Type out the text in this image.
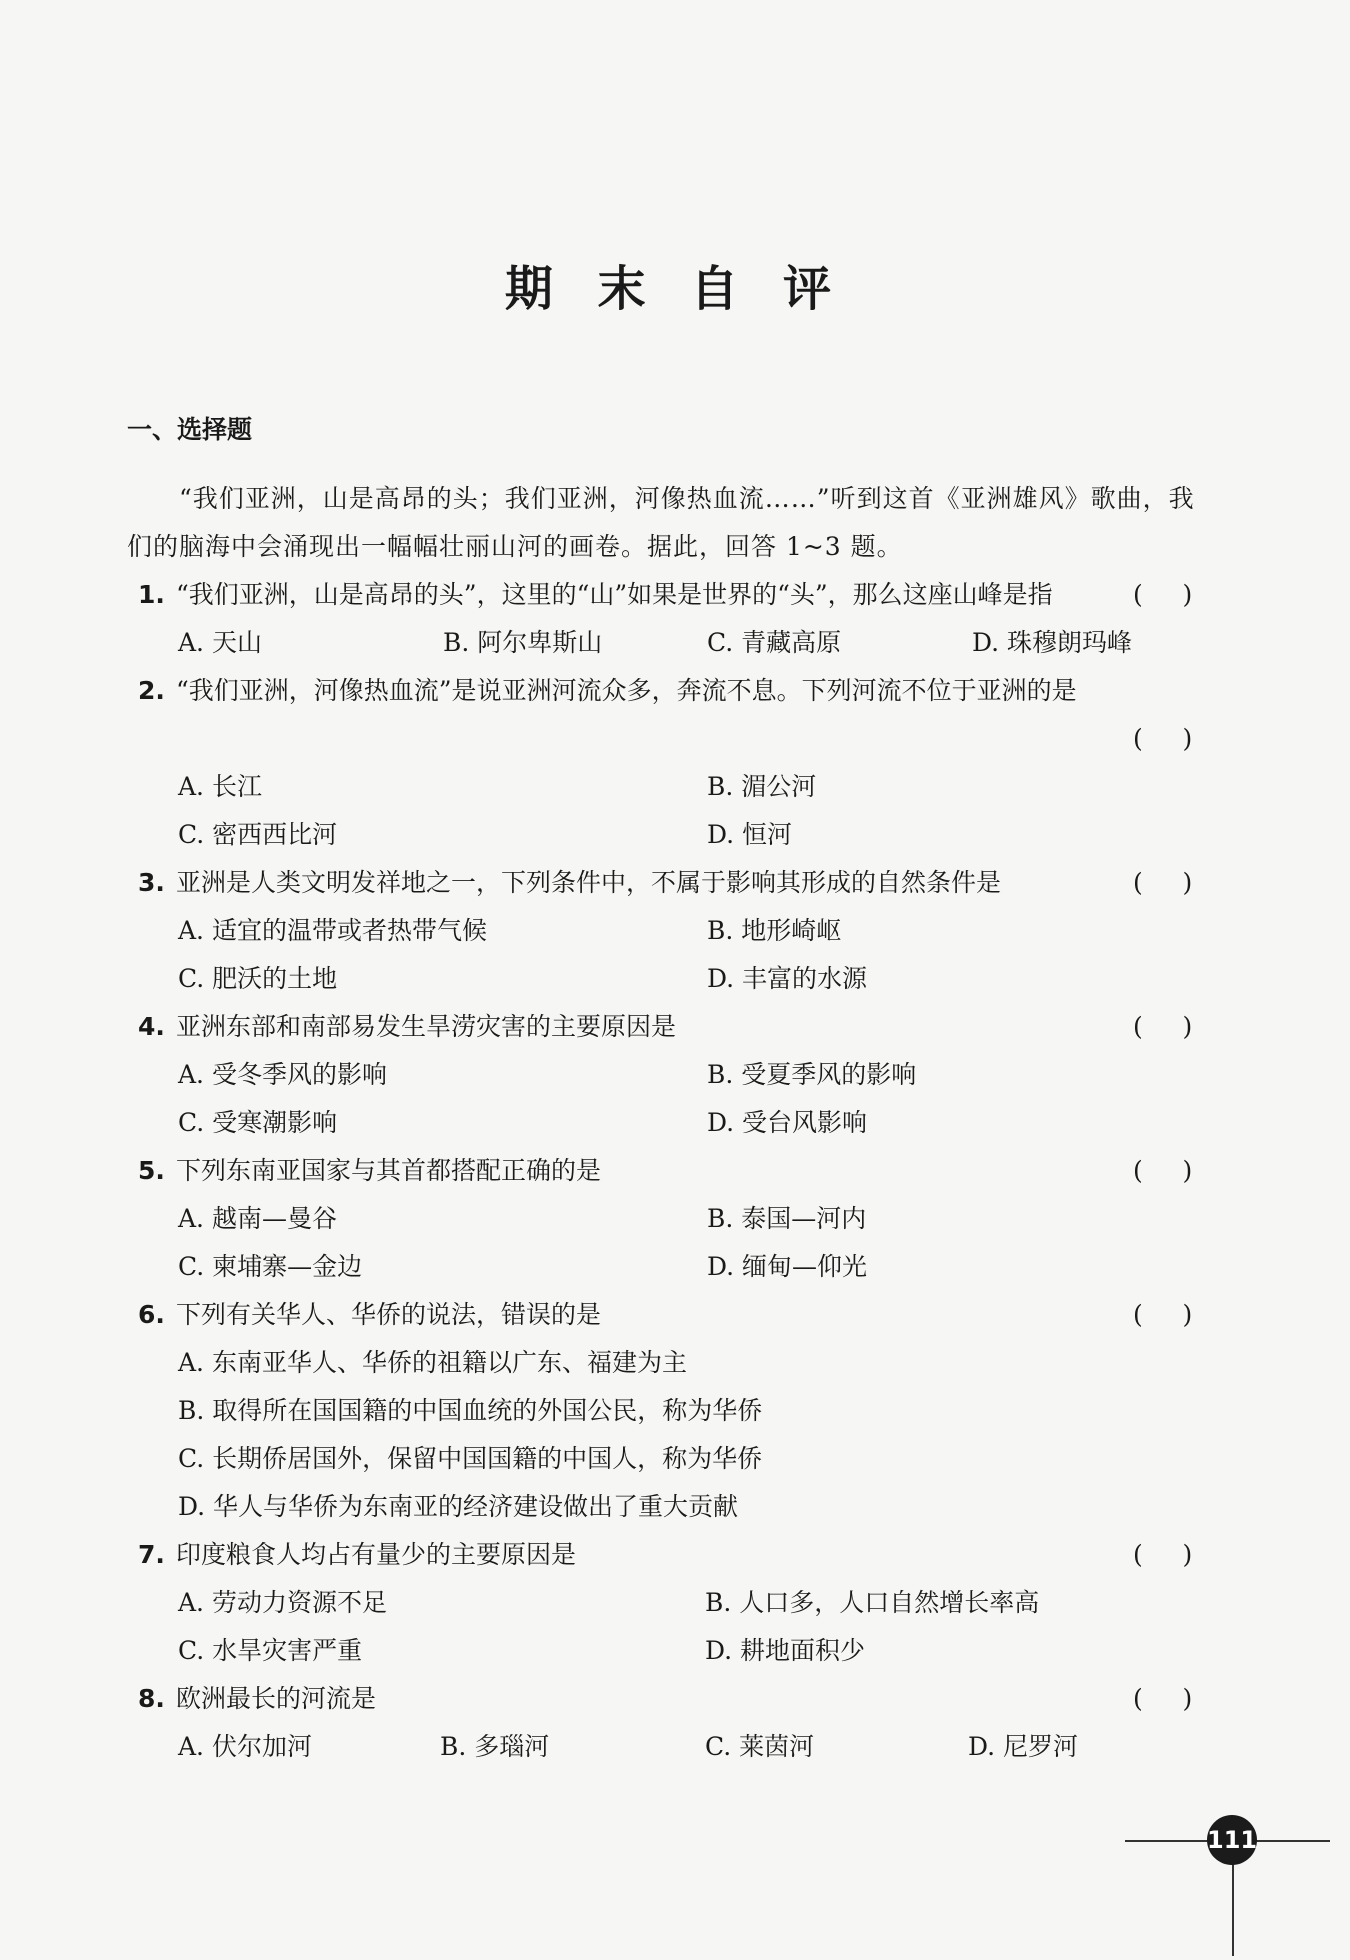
期 末 自 评
一、选择题
“我们亚洲，山是高昂的头；我们亚洲，河像热血流……”听到这首《亚洲雄风》歌曲，我们的脑海中会涌现出一幅幅壮丽山河的画卷。据此，回答 1~3 题。
1. “我们亚洲，山是高昂的头”，这里的“山”如果是世界的“头”，那么这座山峰是指	(     )
A. 天山	B. 阿尔卑斯山	C. 青藏高原	D. 珠穆朗玛峰
2. “我们亚洲，河像热血流”是说亚洲河流众多，奔流不息。下列河流不位于亚洲的是
(     )
A. 长江	B. 湄公河
C. 密西西比河	D. 恒河
3. 亚洲是人类文明发祥地之一，下列条件中，不属于影响其形成的自然条件是	(     )
A. 适宜的温带或者热带气候	B. 地形崎岖
C. 肥沃的土地	D. 丰富的水源
4. 亚洲东部和南部易发生旱涝灾害的主要原因是	(     )
A. 受冬季风的影响	B. 受夏季风的影响
C. 受寒潮影响	D. 受台风影响
5. 下列东南亚国家与其首都搭配正确的是	(     )
A. 越南—曼谷	B. 泰国—河内
C. 柬埔寨—金边	D. 缅甸—仰光
6. 下列有关华人、华侨的说法，错误的是	(     )
A. 东南亚华人、华侨的祖籍以广东、福建为主
B. 取得所在国国籍的中国血统的外国公民，称为华侨
C. 长期侨居国外，保留中国国籍的中国人，称为华侨
D. 华人与华侨为东南亚的经济建设做出了重大贡献
7. 印度粮食人均占有量少的主要原因是	(     )
A. 劳动力资源不足	B. 人口多，人口自然增长率高
C. 水旱灾害严重	D. 耕地面积少
8. 欧洲最长的河流是	(     )
A. 伏尔加河	B. 多瑙河	C. 莱茵河	D. 尼罗河
111
